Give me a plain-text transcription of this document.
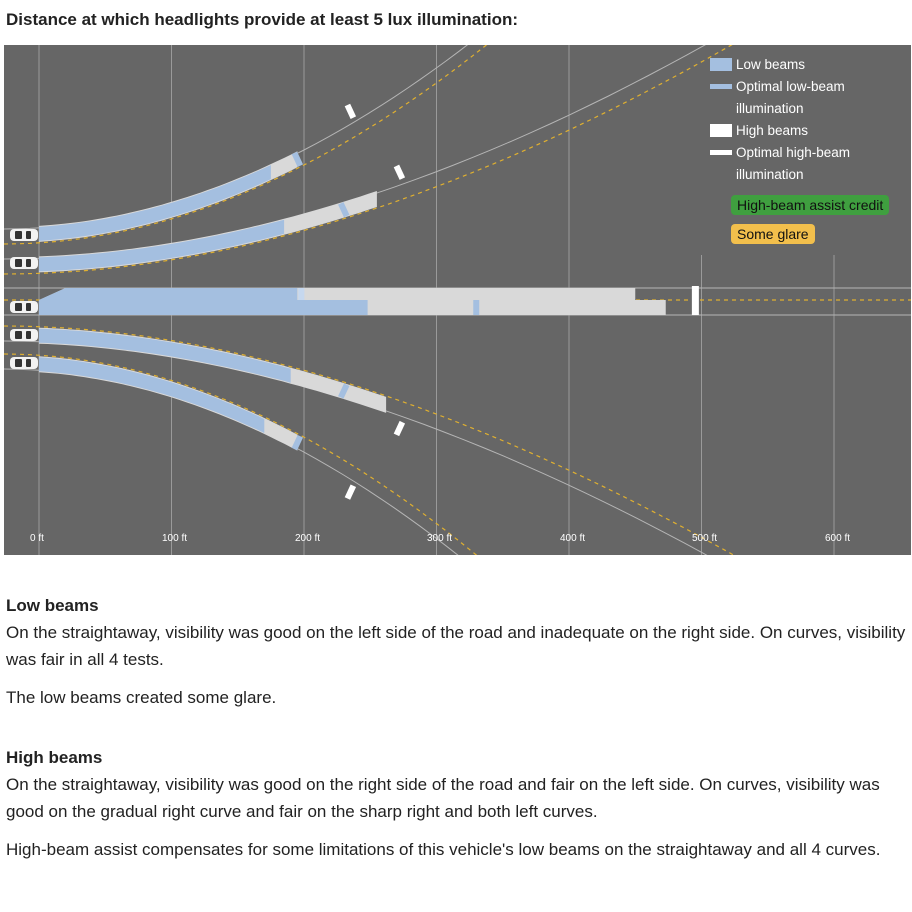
Distance at which headlights provide at least 5 lux illumination:
Low beams
Optimal low-beam illumination
High beams
Optimal high-beam illumination
High-beam assist credit
Some glare
0 ft	100 ft	200 ft	300 ft	400 ft	500 ft	600 ft
Low beams

On the straightaway, visibility was good on the left side of the road and inadequate on the right side. On curves, visibility was fair in all 4 tests.

The low beams created some glare.

High beams

On the straightaway, visibility was good on the right side of the road and fair on the left side. On curves, visibility was good on the gradual right curve and fair on the sharp right and both left curves.

High-beam assist compensates for some limitations of this vehicle's low beams on the straightaway and all 4 curves.
